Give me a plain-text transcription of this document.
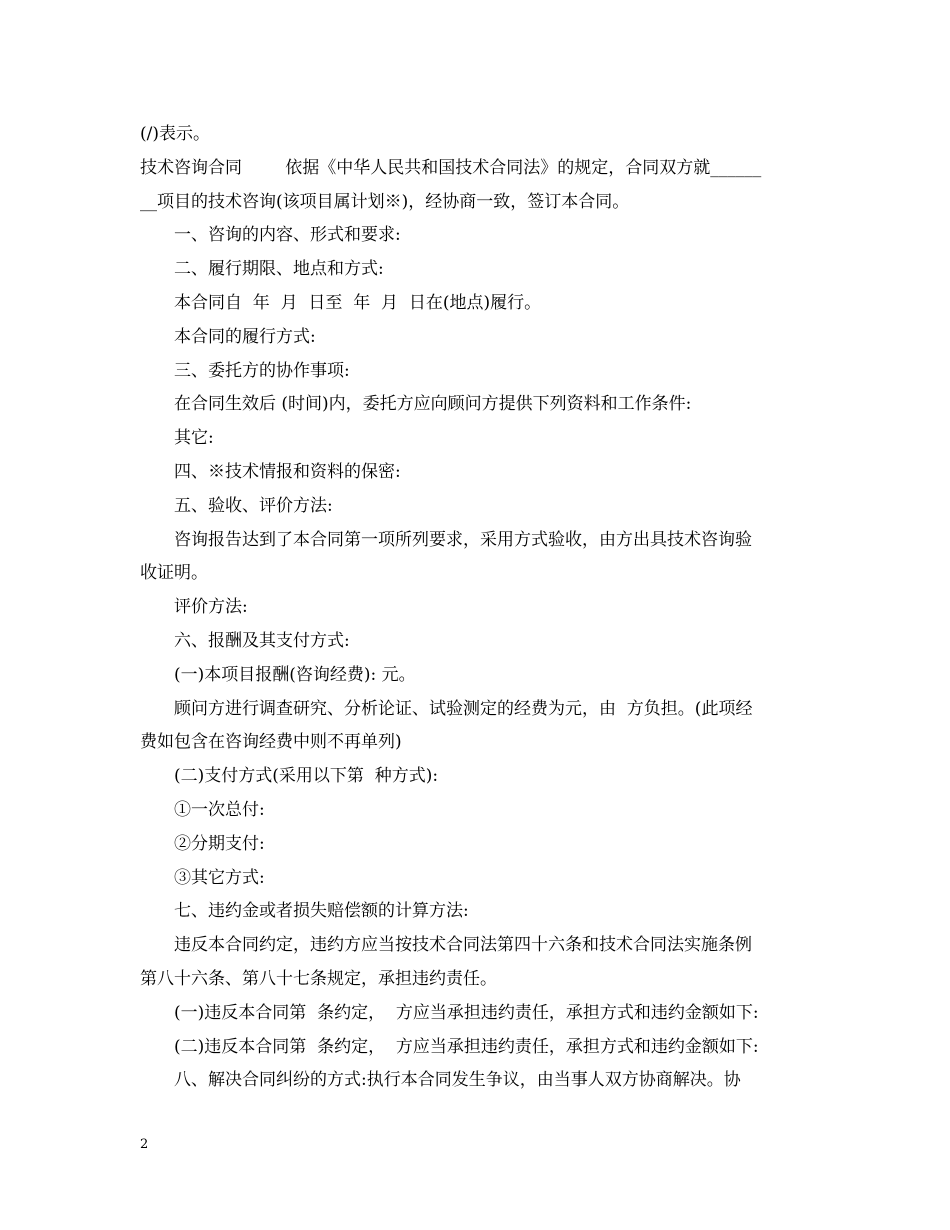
(/)表示。
技术咨询合同        依据《中华人民共和国技术合同法》的规定，合同双方就______
__项目的技术咨询(该项目属计划※)，经协商一致，签订本合同。
一、咨询的内容、形式和要求:
二、履行期限、地点和方式:
本合同自  年  月  日至  年  月  日在(地点)履行。
本合同的履行方式:
三、委托方的协作事项:
在合同生效后 (时间)内，委托方应向顾问方提供下列资料和工作条件:
其它:
四、※技术情报和资料的保密:
五、验收、评价方法:
咨询报告达到了本合同第一项所列要求，采用方式验收，由方出具技术咨询验
收证明。
评价方法:
六、报酬及其支付方式:
(一)本项目报酬(咨询经费): 元。
顾问方进行调查研究、分析论证、试验测定的经费为元，由  方负担。(此项经
费如包含在咨询经费中则不再单列)
(二)支付方式(采用以下第  种方式):
①一次总付:
②分期支付:
③其它方式:
七、违约金或者损失赔偿额的计算方法:
违反本合同约定，违约方应当按技术合同法第四十六条和技术合同法实施条例
第八十六条、第八十七条规定，承担违约责任。
(一)违反本合同第  条约定，  方应当承担违约责任，承担方式和违约金额如下:
(二)违反本合同第  条约定，  方应当承担违约责任，承担方式和违约金额如下:
八、解决合同纠纷的方式:执行本合同发生争议，由当事人双方协商解决。协
2
